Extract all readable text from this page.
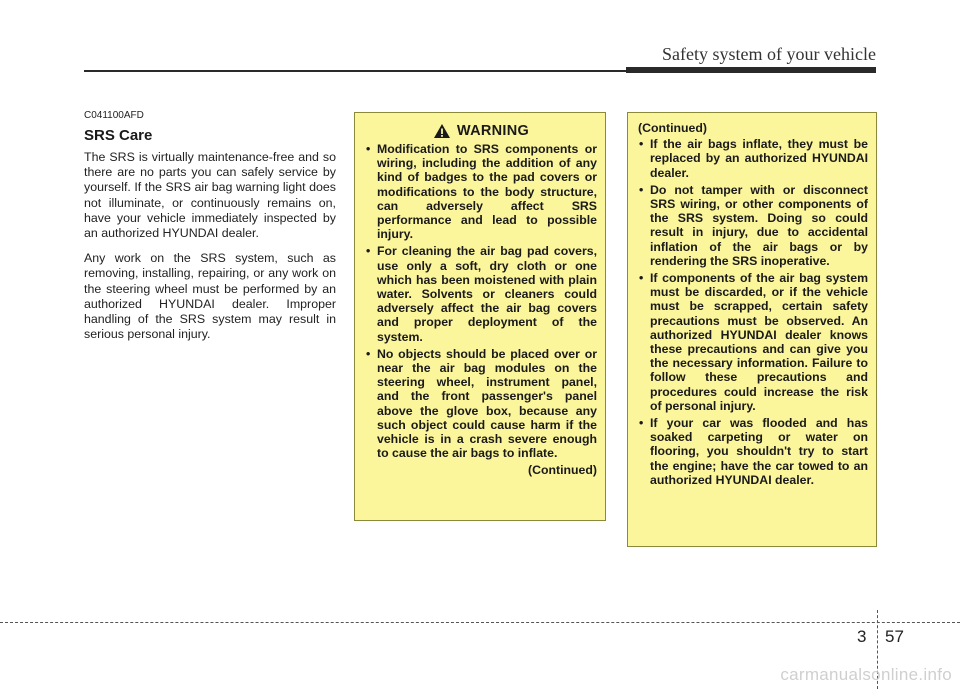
Safety system of your vehicle
C041100AFD
SRS Care

The SRS is virtually maintenance-free and so there are no parts you can safely service by yourself. If the SRS air bag warning light does not illuminate, or continuously remains on, have your vehicle immediately inspected by an authorized HYUNDAI dealer.

Any work on the SRS system, such as removing, installing, repairing, or any work on the steering wheel must be performed by an authorized HYUNDAI dealer. Improper handling of the SRS system may result in serious personal injury.

WARNING
• Modification to SRS components or wiring, including the addition of any kind of badges to the pad covers or modifications to the body structure, can adversely affect SRS performance and lead to possible injury.
• For cleaning the air bag pad covers, use only a soft, dry cloth or one which has been moistened with plain water. Solvents or cleaners could adversely affect the air bag covers and proper deployment of the system.
• No objects should be placed over or near the air bag modules on the steering wheel, instrument panel, and the front passenger's panel above the glove box, because any such object could cause harm if the vehicle is in a crash severe enough to cause the air bags to inflate.
(Continued)
(Continued)
• If the air bags inflate, they must be replaced by an authorized HYUNDAI dealer.
• Do not tamper with or disconnect SRS wiring, or other components of the SRS system. Doing so could result in injury, due to accidental inflation of the air bags or by rendering the SRS inoperative.
• If components of the air bag system must be discarded, or if the vehicle must be scrapped, certain safety precautions must be observed. An authorized HYUNDAI dealer knows these precautions and can give you the necessary information. Failure to follow these precautions and procedures could increase the risk of personal injury.
• If your car was flooded and has soaked carpeting or water on flooring, you shouldn't try to start the engine; have the car towed to an authorized HYUNDAI dealer.
3 57
carmanualsonline.info
